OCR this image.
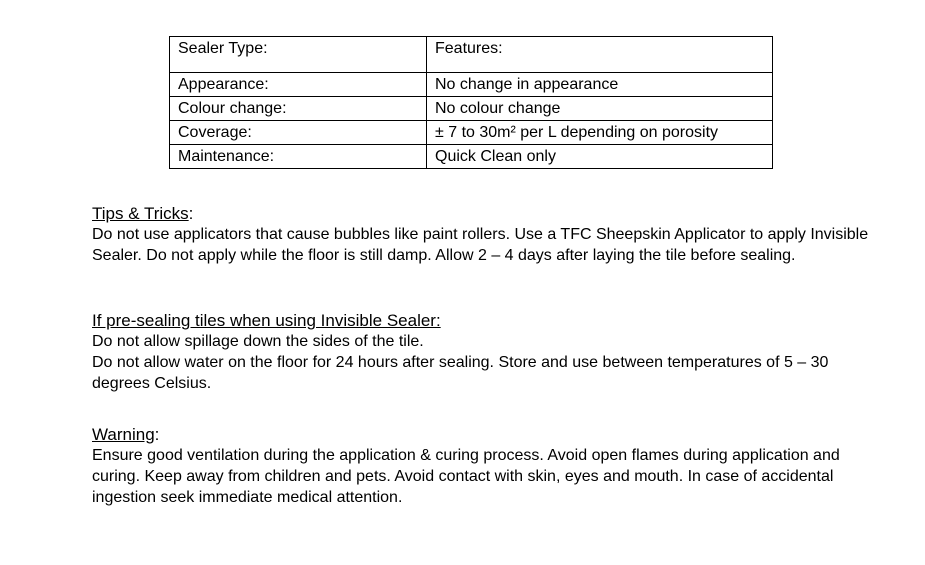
Sealer Type:	Features:
Appearance:	No change in appearance
Colour change:	No colour change
Coverage:	± 7 to 30m² per L depending on porosity
Maintenance:	Quick Clean only
Tips & Tricks:
Do not use applicators that cause bubbles like paint rollers. Use a TFC Sheepskin Applicator to apply Invisible Sealer. Do not apply while the floor is still damp. Allow 2 – 4 days after laying the tile before sealing.
If pre-sealing tiles when using Invisible Sealer:
Do not allow spillage down the sides of the tile.
Do not allow water on the floor for 24 hours after sealing. Store and use between temperatures of 5 – 30 degrees Celsius.
Warning:
Ensure good ventilation during the application & curing process. Avoid open flames during application and curing. Keep away from children and pets. Avoid contact with skin, eyes and mouth. In case of accidental ingestion seek immediate medical attention.
